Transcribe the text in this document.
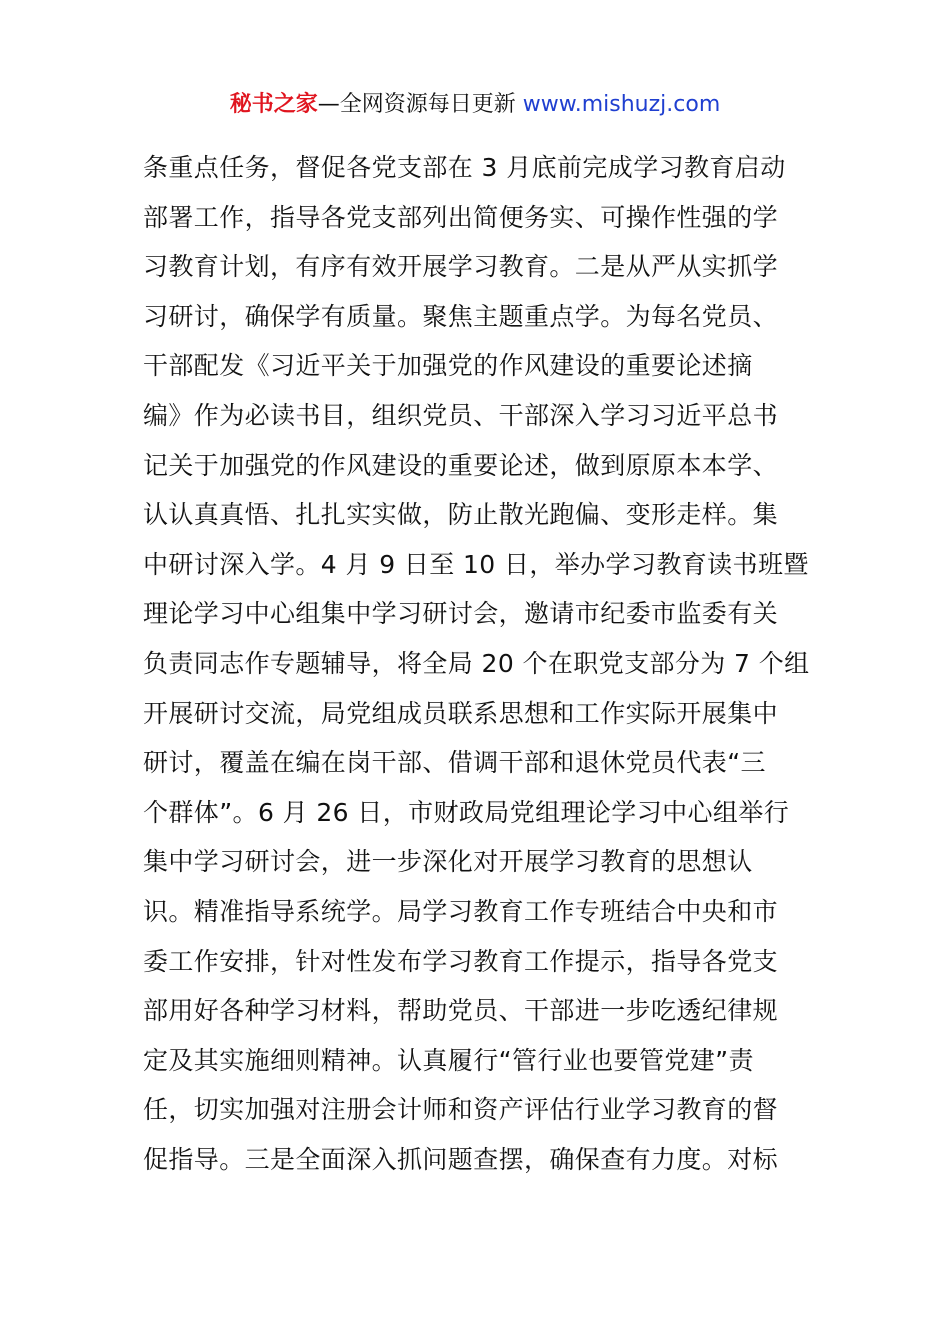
秘书之家—全网资源每日更新 www.mishuzj.com
条重点任务，督促各党支部在 3 月底前完成学习教育启动
部署工作，指导各党支部列出简便务实、可操作性强的学
习教育计划，有序有效开展学习教育。二是从严从实抓学
习研讨，确保学有质量。聚焦主题重点学。为每名党员、
干部配发《习近平关于加强党的作风建设的重要论述摘
编》作为必读书目，组织党员、干部深入学习习近平总书
记关于加强党的作风建设的重要论述，做到原原本本学、
认认真真悟、扎扎实实做，防止散光跑偏、变形走样。集
中研讨深入学。4 月 9 日至 10 日，举办学习教育读书班暨
理论学习中心组集中学习研讨会，邀请市纪委市监委有关
负责同志作专题辅导，将全局 20 个在职党支部分为 7 个组
开展研讨交流，局党组成员联系思想和工作实际开展集中
研讨，覆盖在编在岗干部、借调干部和退休党员代表“三
个群体”。6 月 26 日，市财政局党组理论学习中心组举行
集中学习研讨会，进一步深化对开展学习教育的思想认
识。精准指导系统学。局学习教育工作专班结合中央和市
委工作安排，针对性发布学习教育工作提示，指导各党支
部用好各种学习材料，帮助党员、干部进一步吃透纪律规
定及其实施细则精神。认真履行“管行业也要管党建”责
任，切实加强对注册会计师和资产评估行业学习教育的督
促指导。三是全面深入抓问题查摆，确保查有力度。对标
